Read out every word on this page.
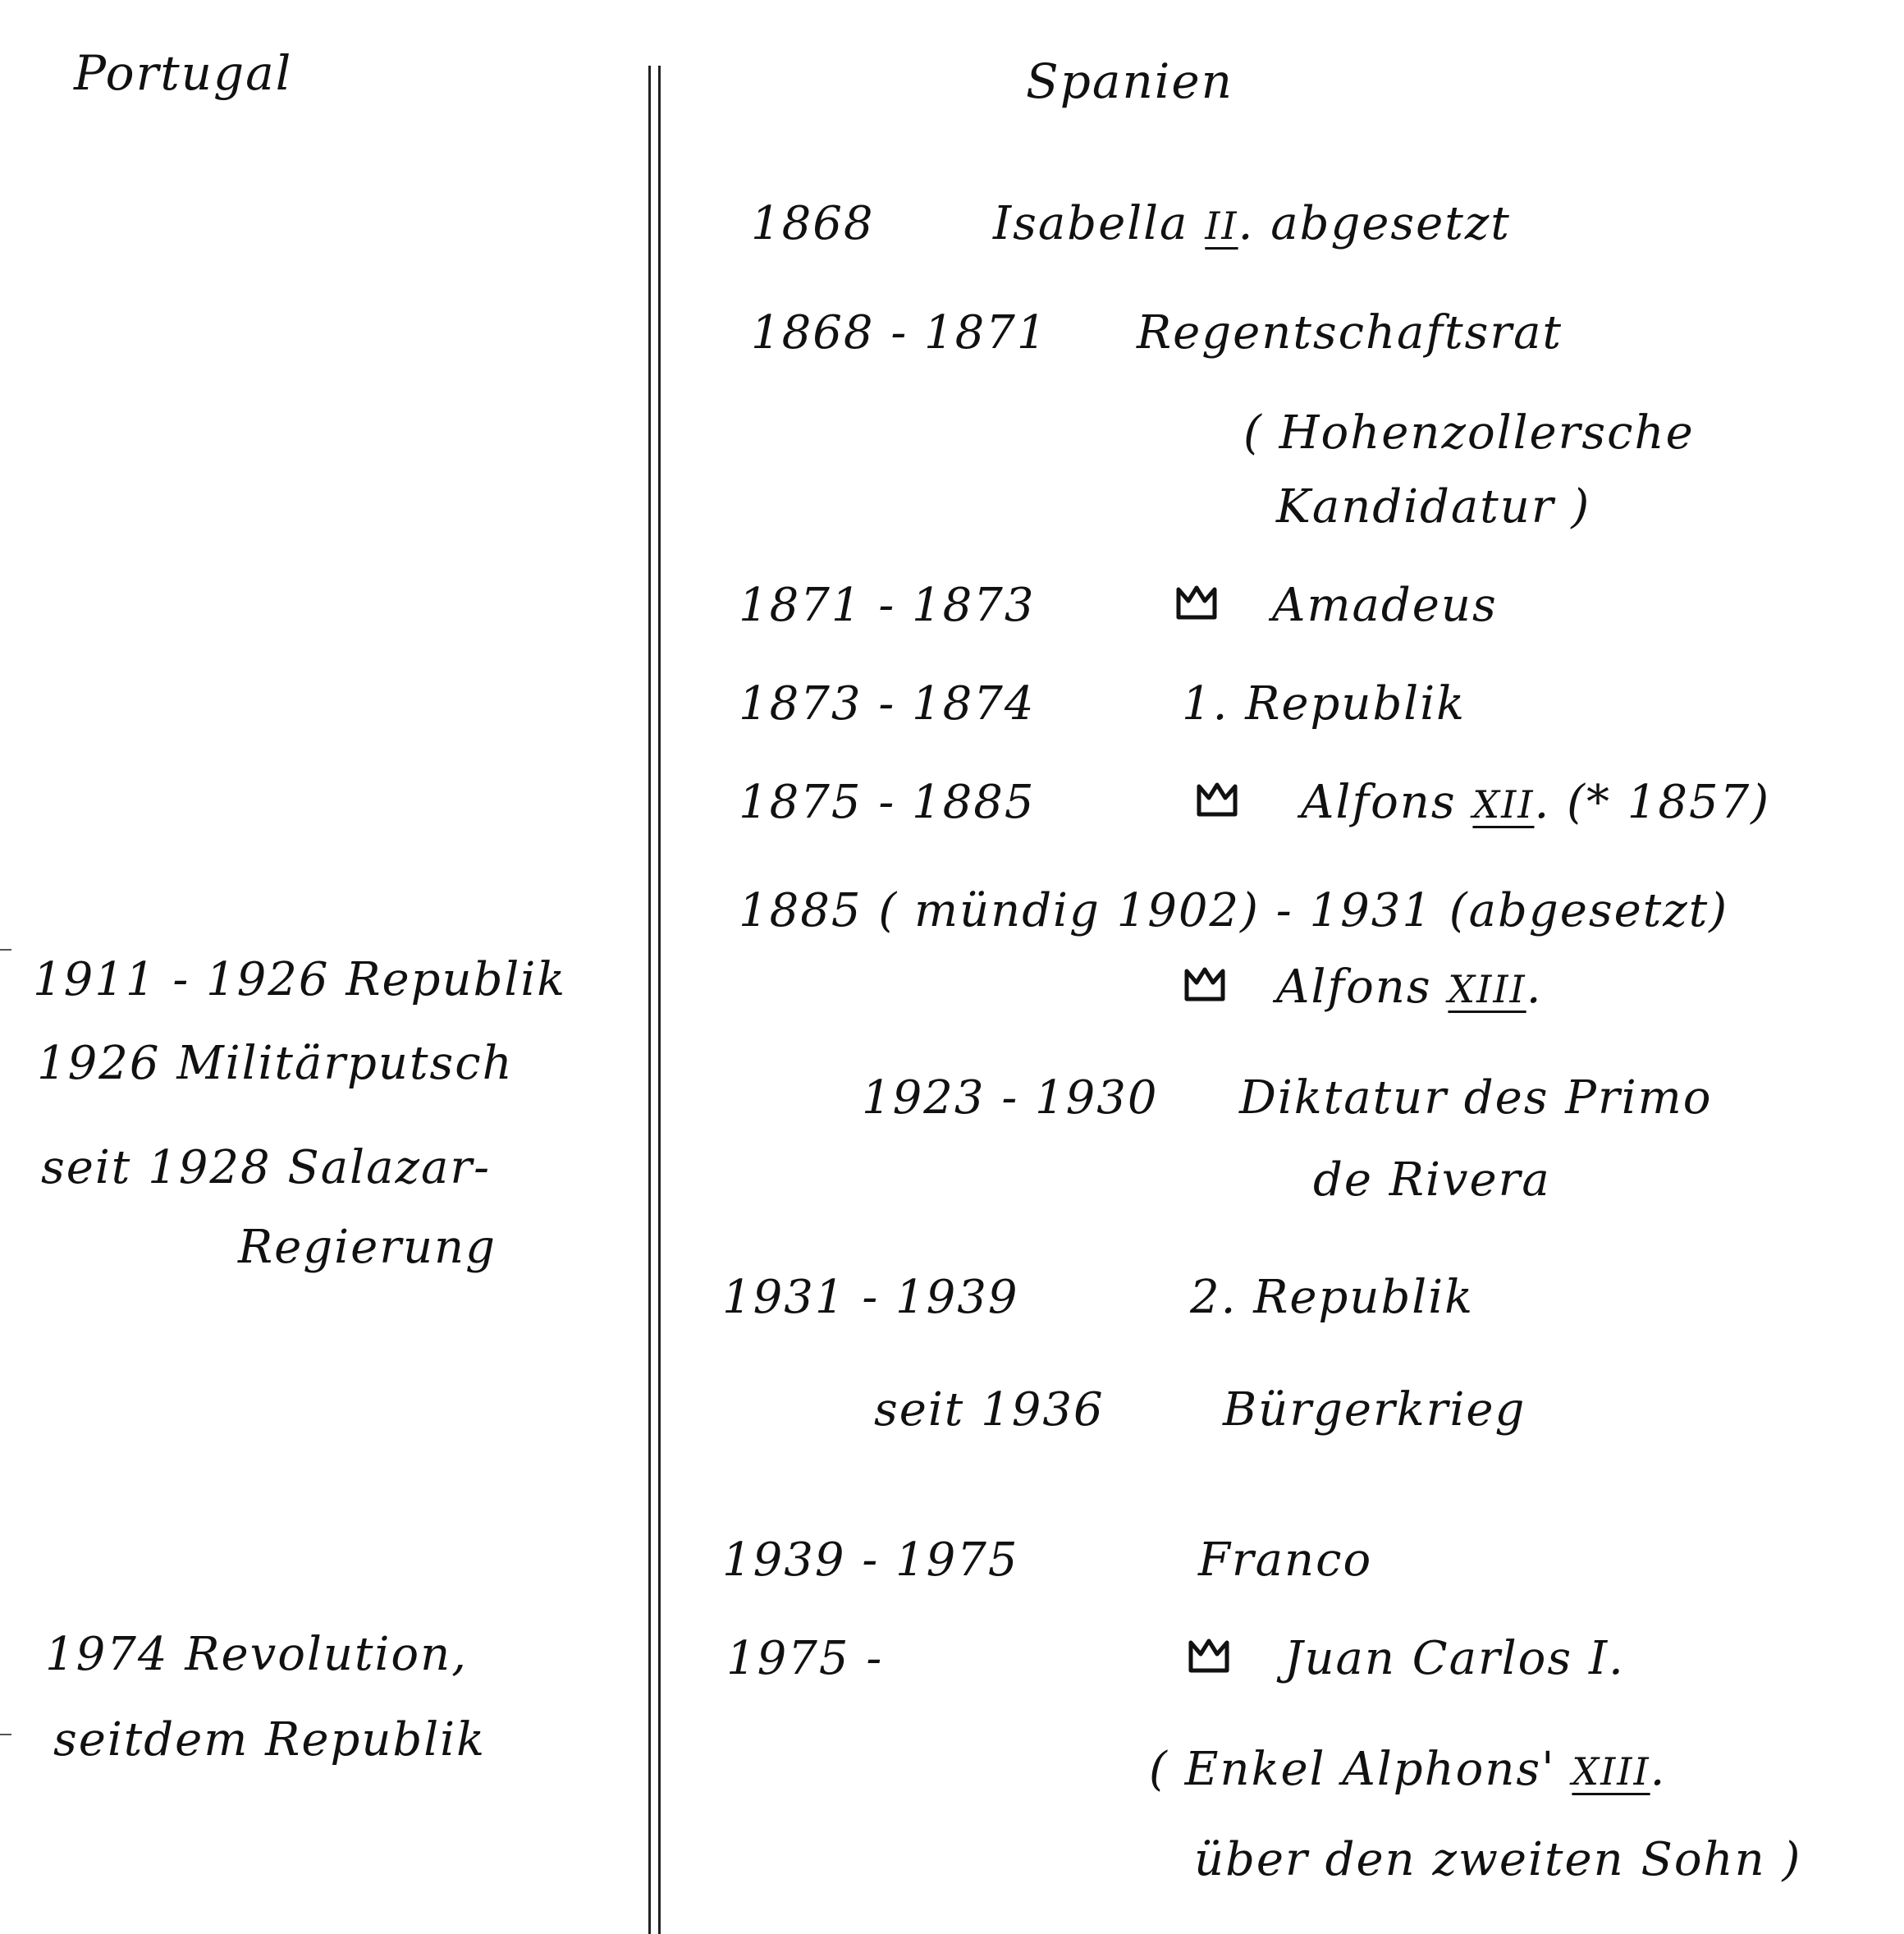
Portugal	Spanien
1911 - 1926 Republik
1926 Militärputsch
seit 1928 Salazar-
Regierung
1974 Revolution,
seitdem Republik
1868	Isabella II. abgesetzt
1868 - 1871 Regentschaftsrat
( Hohenzollersche
Kandidatur )
1871 - 1873	Amadeus
1873 - 1874	1. Republik
1875 - 1885	Alfons XII. (* 1857)
1885 ( mündig 1902) - 1931 (abgesetzt)
Alfons XIII.
1923 - 1930 Diktatur des Primo
de Rivera
1931 - 1939	2. Republik
seit 1936	Bürgerkrieg
1939 - 1975	Franco
1975 -	Juan Carlos I.
( Enkel Alphons' XIII.
über den zweiten Sohn )
